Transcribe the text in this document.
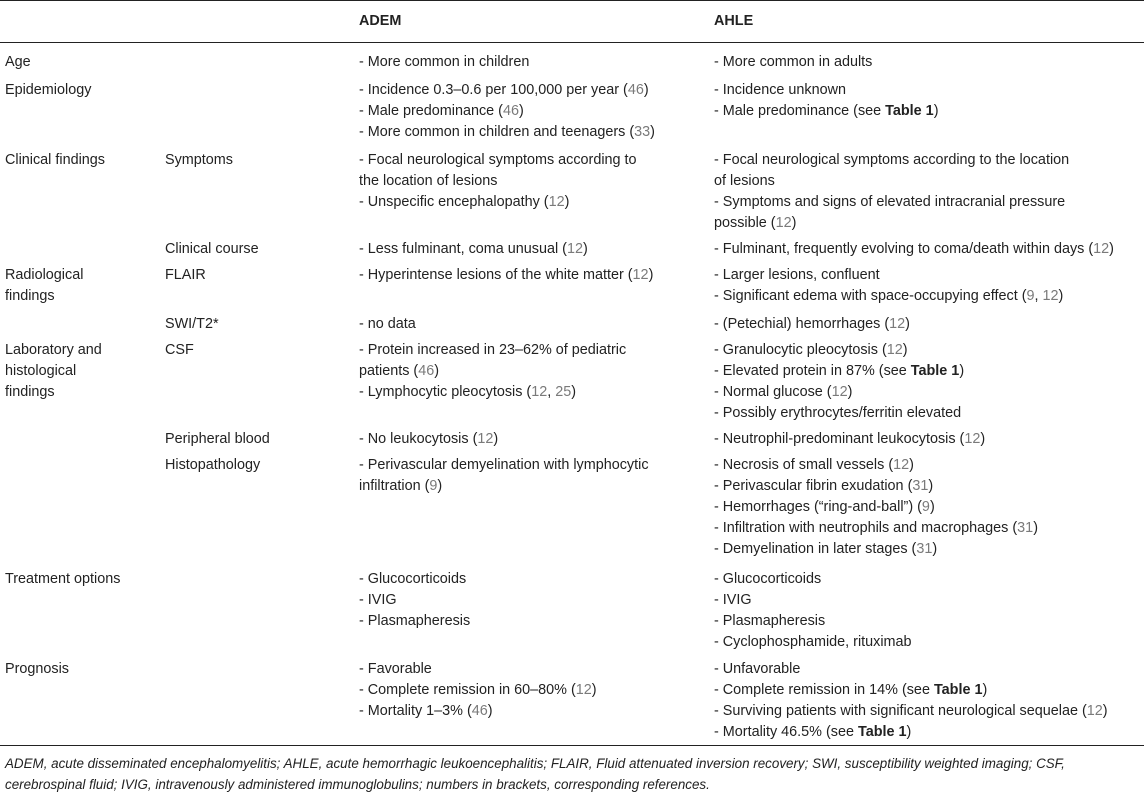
		ADEM	AHLE

Age		- More common in children	- More common in adults

Epidemiology		- Incidence 0.3–0.6 per 100,000 per year (46)
- Male predominance (46)
- More common in children and teenagers (33)	- Incidence unknown
- Male predominance (see Table 1)

Clinical findings	Symptoms	- Focal neurological symptoms according to
the location of lesions
- Unspecific encephalopathy (12)	- Focal neurological symptoms according to the location
of lesions
- Symptoms and signs of elevated intracranial pressure
possible (12)

	Clinical course	- Less fulminant, coma unusual (12)	- Fulminant, frequently evolving to coma/death within days (12)

Radiological
findings	FLAIR	- Hyperintense lesions of the white matter (12)	- Larger lesions, confluent
- Significant edema with space-occupying effect (9, 12)

	SWI/T2*	- no data	- (Petechial) hemorrhages (12)

Laboratory and
histological
findings	CSF	- Protein increased in 23–62% of pediatric
patients (46)
- Lymphocytic pleocytosis (12, 25)	- Granulocytic pleocytosis (12)
- Elevated protein in 87% (see Table 1)
- Normal glucose (12)
- Possibly erythrocytes/ferritin elevated

	Peripheral blood	- No leukocytosis (12)	- Neutrophil-predominant leukocytosis (12)

	Histopathology	- Perivascular demyelination with lymphocytic
infiltration (9)	- Necrosis of small vessels (12)
- Perivascular fibrin exudation (31)
- Hemorrhages (“ring-and-ball”) (9)
- Infiltration with neutrophils and macrophages (31)
- Demyelination in later stages (31)

Treatment options		- Glucocorticoids
- IVIG
- Plasmapheresis	- Glucocorticoids
- IVIG
- Plasmapheresis
- Cyclophosphamide, rituximab

Prognosis		- Favorable
- Complete remission in 60–80% (12)
- Mortality 1–3% (46)	- Unfavorable
- Complete remission in 14% (see Table 1)
- Surviving patients with significant neurological sequelae (12)
- Mortality 46.5% (see Table 1)
ADEM, acute disseminated encephalomyelitis; AHLE, acute hemorrhagic leukoencephalitis; FLAIR, Fluid attenuated inversion recovery; SWI, susceptibility weighted imaging; CSF, cerebrospinal fluid; IVIG, intravenously administered immunoglobulins; numbers in brackets, corresponding references.
